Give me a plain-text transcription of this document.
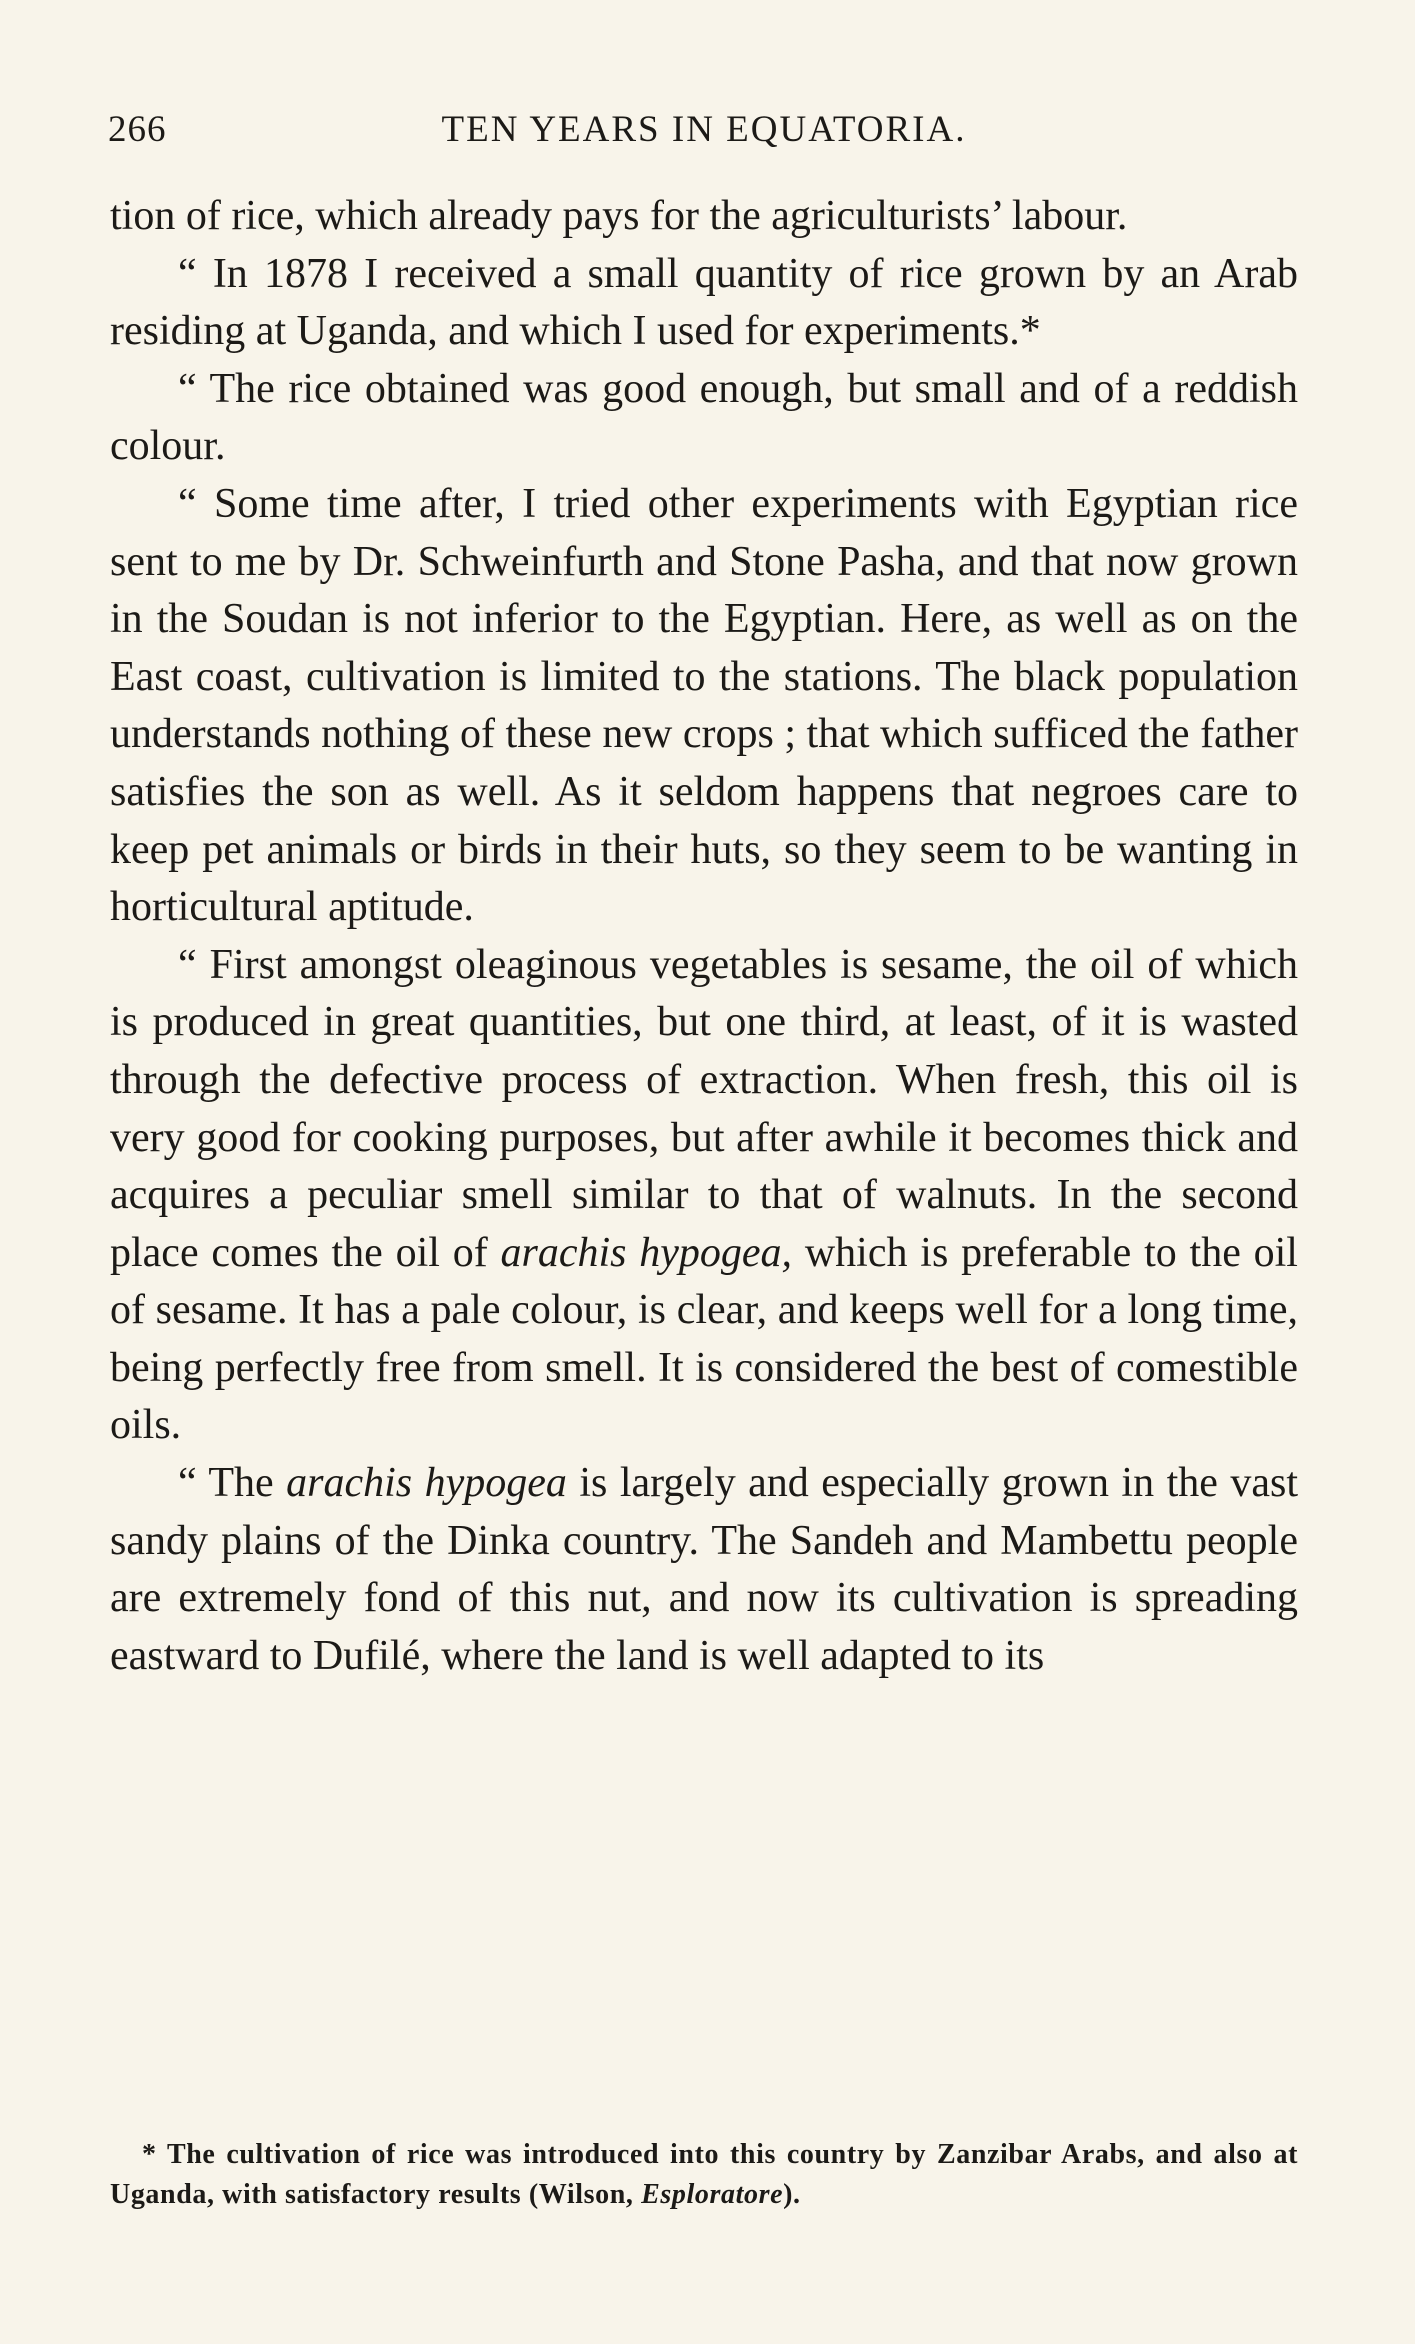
266	TEN YEARS IN EQUATORIA.

tion of rice, which already pays for the agriculturists’ labour.

“ In 1878 I received a small quantity of rice grown by an Arab residing at Uganda, and which I used for experiments.*

“ The rice obtained was good enough, but small and of a reddish colour.

“ Some time after, I tried other experiments with Egyptian rice sent to me by Dr. Schweinfurth and Stone Pasha, and that now grown in the Soudan is not inferior to the Egyptian. Here, as well as on the East coast, cultivation is limited to the stations. The black population understands nothing of these new crops ; that which sufficed the father satisfies the son as well. As it seldom happens that negroes care to keep pet animals or birds in their huts, so they seem to be wanting in horticultural aptitude.

“ First amongst oleaginous vegetables is sesame, the oil of which is produced in great quantities, but one third, at least, of it is wasted through the defective process of extraction. When fresh, this oil is very good for cooking purposes, but after awhile it becomes thick and acquires a peculiar smell similar to that of walnuts. In the second place comes the oil of arachis hypogea, which is preferable to the oil of sesame. It has a pale colour, is clear, and keeps well for a long time, being perfectly free from smell. It is considered the best of comestible oils.

“ The arachis hypogea is largely and especially grown in the vast sandy plains of the Dinka country. The Sandeh and Mambettu people are extremely fond of this nut, and now its cultivation is spreading eastward to Dufilé, where the land is well adapted to its

* The cultivation of rice was introduced into this country by Zanzibar Arabs, and also at Uganda, with satisfactory results (Wilson, Esploratore).
